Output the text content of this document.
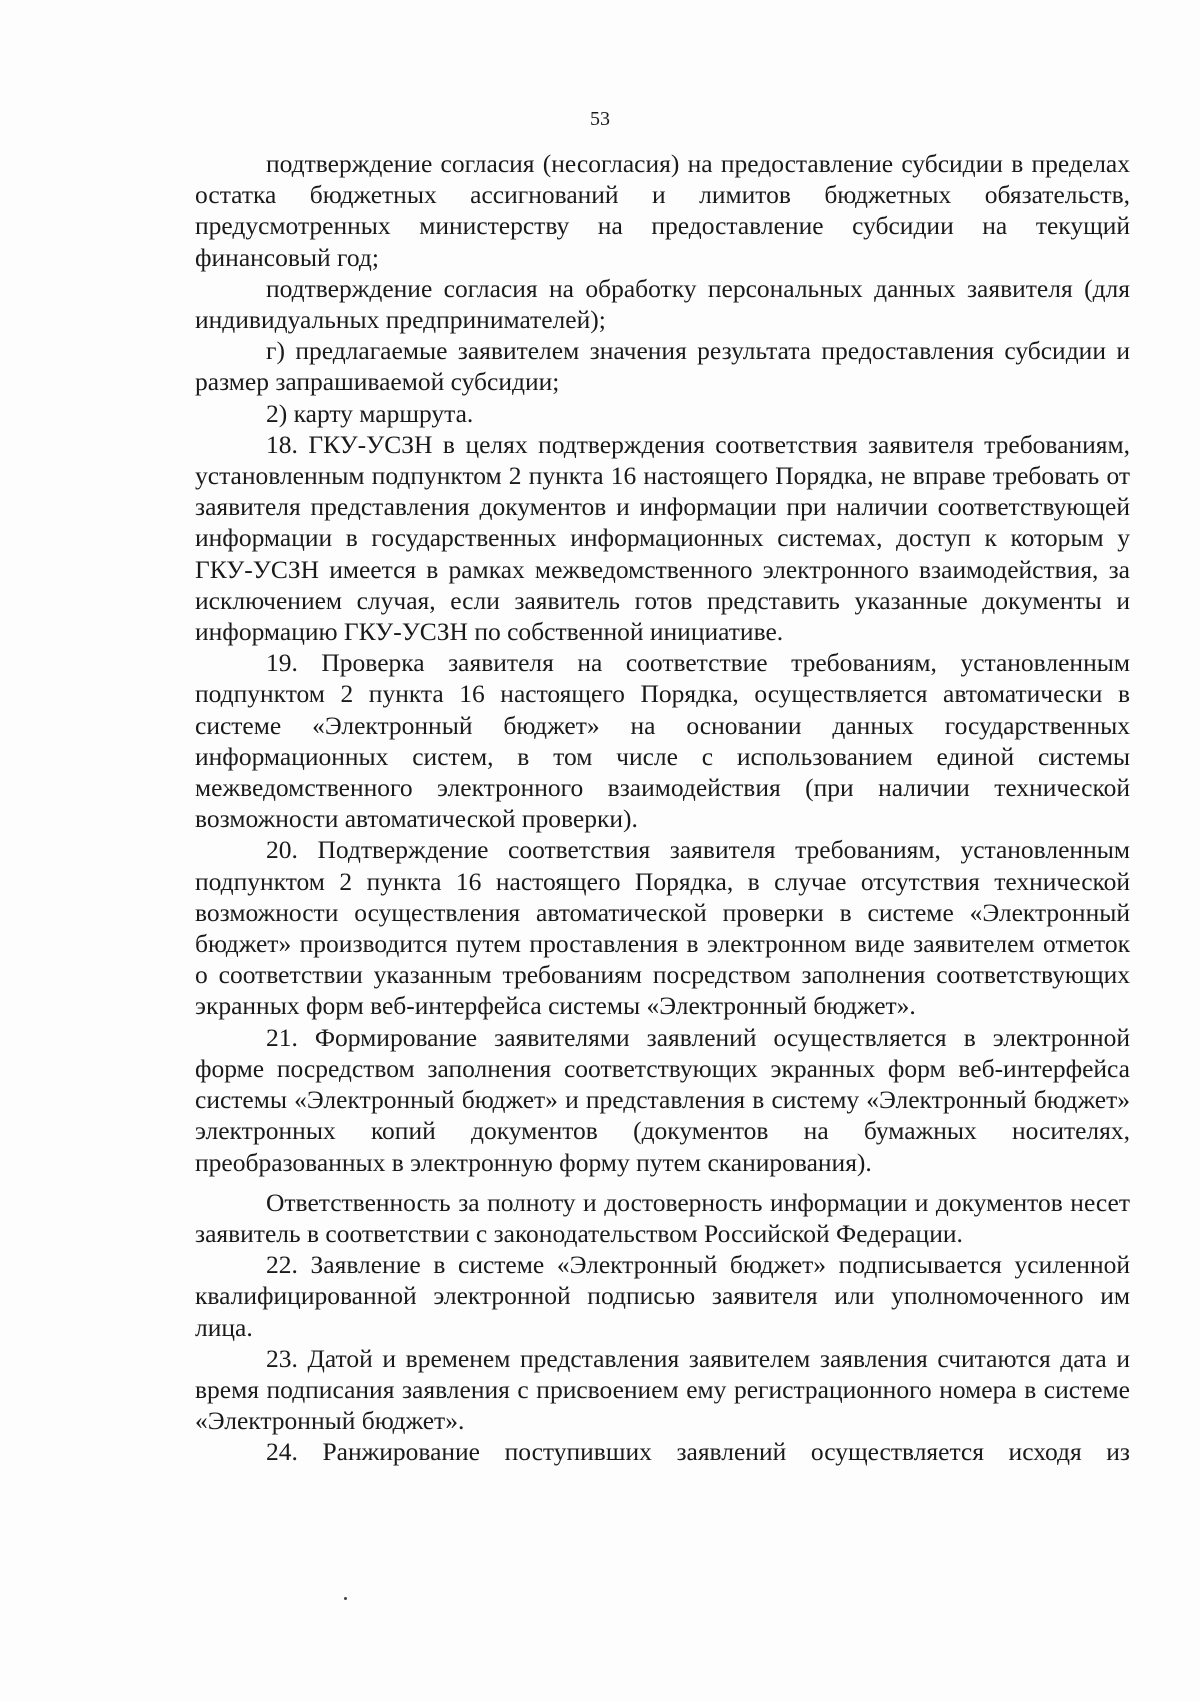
53

подтверждение согласия (несогласия) на предоставление субсидии в пределах остатка бюджетных ассигнований и лимитов бюджетных обязательств, предусмотренных министерству на предоставление субсидии на текущий финансовый год;

подтверждение согласия на обработку персональных данных заявителя (для индивидуальных предпринимателей);

г) предлагаемые заявителем значения результата предоставления субсидии и размер запрашиваемой субсидии;

2) карту маршрута.

18. ГКУ-УСЗН в целях подтверждения соответствия заявителя требованиям, установленным подпунктом 2 пункта 16 настоящего Порядка, не вправе требовать от заявителя представления документов и информации при наличии соответствующей информации в государственных информационных системах, доступ к которым у ГКУ-УСЗН имеется в рамках межведомственного электронного взаимодействия, за исключением случая, если заявитель готов представить указанные документы и информацию ГКУ-УСЗН по собственной инициативе.

19. Проверка заявителя на соответствие требованиям, установленным подпунктом 2 пункта 16 настоящего Порядка, осуществляется автоматически в системе «Электронный бюджет» на основании данных государственных информационных систем, в том числе с использованием единой системы межведомственного электронного взаимодействия (при наличии технической возможности автоматической проверки).

20. Подтверждение соответствия заявителя требованиям, установленным подпунктом 2 пункта 16 настоящего Порядка, в случае отсутствия технической возможности осуществления автоматической проверки в системе «Электронный бюджет» производится путем проставления в электронном виде заявителем отметок о соответствии указанным требованиям посредством заполнения соответствующих экранных форм веб-интерфейса системы «Электронный бюджет».

21. Формирование заявителями заявлений осуществляется в электронной форме посредством заполнения соответствующих экранных форм веб-интерфейса системы «Электронный бюджет» и представления в систему «Электронный бюджет» электронных копий документов (документов на бумажных носителях, преобразованных в электронную форму путем сканирования).

Ответственность за полноту и достоверность информации и документов несет заявитель в соответствии с законодательством Российской Федерации.

22. Заявление в системе «Электронный бюджет» подписывается усиленной квалифицированной электронной подписью заявителя или уполномоченного им лица.

23. Датой и временем представления заявителем заявления считаются дата и время подписания заявления с присвоением ему регистрационного номера в системе «Электронный бюджет».

24. Ранжирование поступивших заявлений осуществляется исходя из
